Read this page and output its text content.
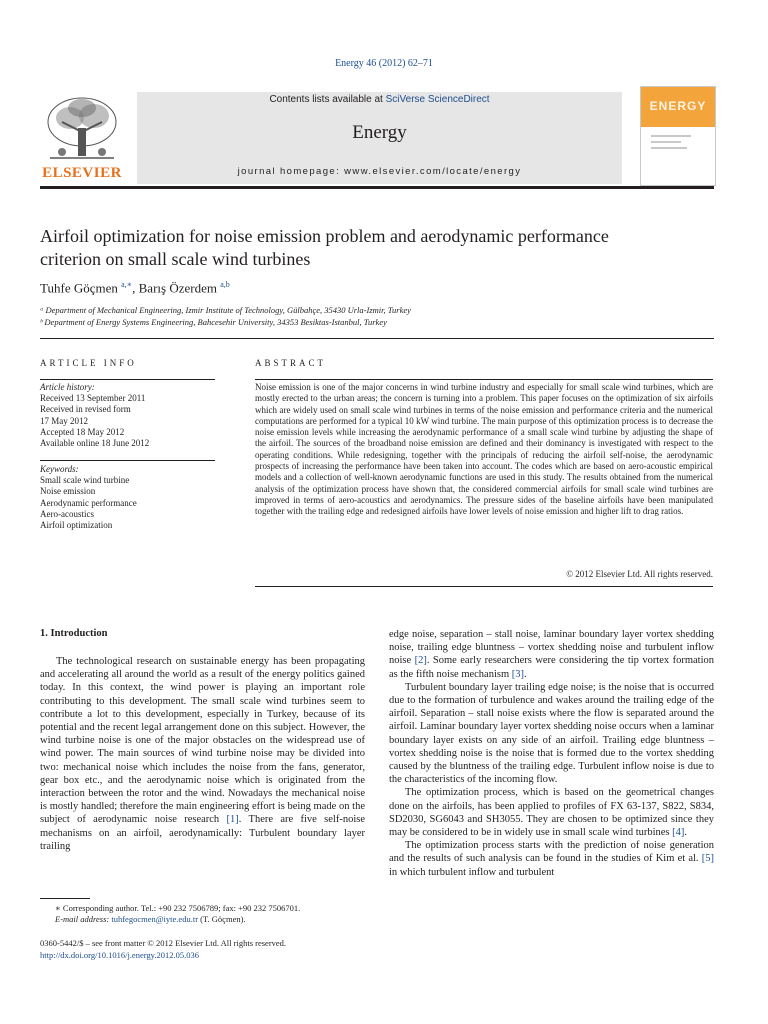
Energy 46 (2012) 62–71
ELSEVIER
Contents lists available at SciVerse ScienceDirect
Energy
journal homepage: www.elsevier.com/locate/energy
ENERGY
Airfoil optimization for noise emission problem and aerodynamic performance
criterion on small scale wind turbines
Tuhfe Göçmen $^{a,∗}$, Barış Özerdem $^{a,b}$
ᵃ Department of Mechanical Engineering, Izmir Institute of Technology, Gülbahçe, 35430 Urla-Izmir, Turkey
ᵇ Department of Energy Systems Engineering, Bahcesehir University, 34353 Besiktas-Istanbul, Turkey
ARTICLE INFO
Article history:
Received 13 September 2011
Received in revised form
17 May 2012
Accepted 18 May 2012
Available online 18 June 2012
Keywords:
Small scale wind turbine
Noise emission
Aerodynamic performance
Aero-acoustics
Airfoil optimization
ABSTRACT
Noise emission is one of the major concerns in wind turbine industry and especially for small scale wind turbines, which are mostly erected to the urban areas; the concern is turning into a problem. This paper focuses on the optimization of six airfoils which are widely used on small scale wind turbines in terms of the noise emission and performance criteria and the numerical computations are performed for a typical 10 kW wind turbine. The main purpose of this optimization process is to decrease the noise emission levels while increasing the aerodynamic performance of a small scale wind turbine by adjusting the shape of the airfoil. The sources of the broadband noise emission are defined and their dominancy is investigated with respect to the operating conditions. While redesigning, together with the principals of reducing the airfoil self-noise, the aerodynamic prospects of increasing the performance have been taken into account. The codes which are based on aero-acoustic empirical models and a collection of well-known aerodynamic functions are used in this study. The results obtained from the numerical analysis of the optimization process have shown that, the considered commercial airfoils for small scale wind turbines are improved in terms of aero-acoustics and aerodynamics. The pressure sides of the baseline airfoils have been manipulated together with the trailing edge and redesigned airfoils have lower levels of noise emission and higher lift to drag ratios.
© 2012 Elsevier Ltd. All rights reserved.
1. Introduction

The technological research on sustainable energy has been propagating and accelerating all around the world as a result of the energy politics gained today. In this context, the wind power is playing an important role contributing to this development. The small scale wind turbines seem to contribute a lot to this development, especially in Turkey, because of its potential and the recent legal arrangement done on this subject. However, the wind turbine noise is one of the major obstacles on the widespread use of wind power. The main sources of wind turbine noise may be divided into two: mechanical noise which includes the noise from the fans, generator, gear box etc., and the aerodynamic noise which is originated from the interaction between the rotor and the wind. Nowadays the mechanical noise is mostly handled; therefore the main engineering effort is being made on the subject of aerodynamic noise research [1]. There are five self-noise mechanisms on an airfoil, aerodynamically: Turbulent boundary layer trailing

∗ Corresponding author. Tel.: +90 232 7506789; fax: +90 232 7506701.
E-mail address: tuhfegocmen@iyte.edu.tr (T. Göçmen).
0360-5442/$ – see front matter © 2012 Elsevier Ltd. All rights reserved.
http://dx.doi.org/10.1016/j.energy.2012.05.036

edge noise, separation – stall noise, laminar boundary layer vortex shedding noise, trailing edge bluntness – vortex shedding noise and turbulent inflow noise [2]. Some early researchers were considering the tip vortex formation as the fifth noise mechanism [3].

Turbulent boundary layer trailing edge noise; is the noise that is occurred due to the formation of turbulence and wakes around the trailing edge of the airfoil. Separation – stall noise exists where the flow is separated around the airfoil. Laminar boundary layer vortex shedding noise occurs when a laminar boundary layer exists on any side of an airfoil. Trailing edge bluntness – vortex shedding noise is the noise that is formed due to the vortex shedding caused by the bluntness of the trailing edge. Turbulent inflow noise is due to the characteristics of the incoming flow.

The optimization process, which is based on the geometrical changes done on the airfoils, has been applied to profiles of FX 63-137, S822, S834, SD2030, SG6043 and SH3055. They are chosen to be optimized since they may be considered to be in widely use in small scale wind turbines [4].

The optimization process starts with the prediction of noise generation and the results of such analysis can be found in the studies of Kim et al. [5] in which turbulent inflow and turbulent
